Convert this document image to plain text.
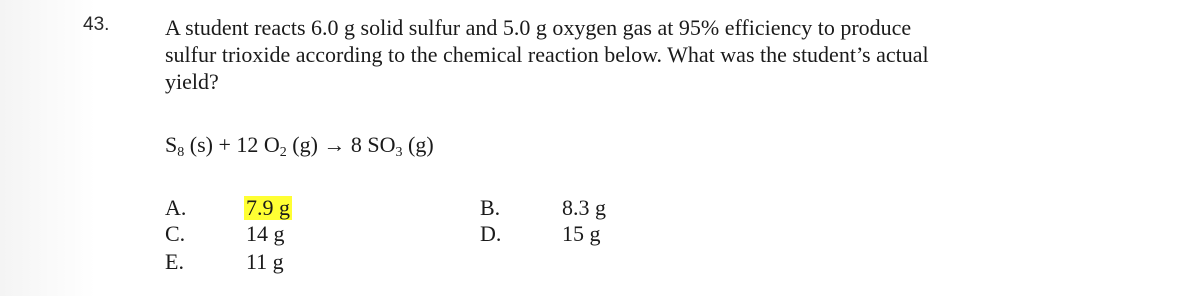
43.	A student reacts 6.0 g solid sulfur and 5.0 g oxygen gas at 95% efficiency to produce
sulfur trioxide according to the chemical reaction below. What was the student’s actual
yield?

$S_8$ (s) + 12 $O_2$ (g) → 8 $SO_3$ (g)
A.	7.9 g	B.	8.3 g
C.	14 g	D.	15 g
E.	11 g
